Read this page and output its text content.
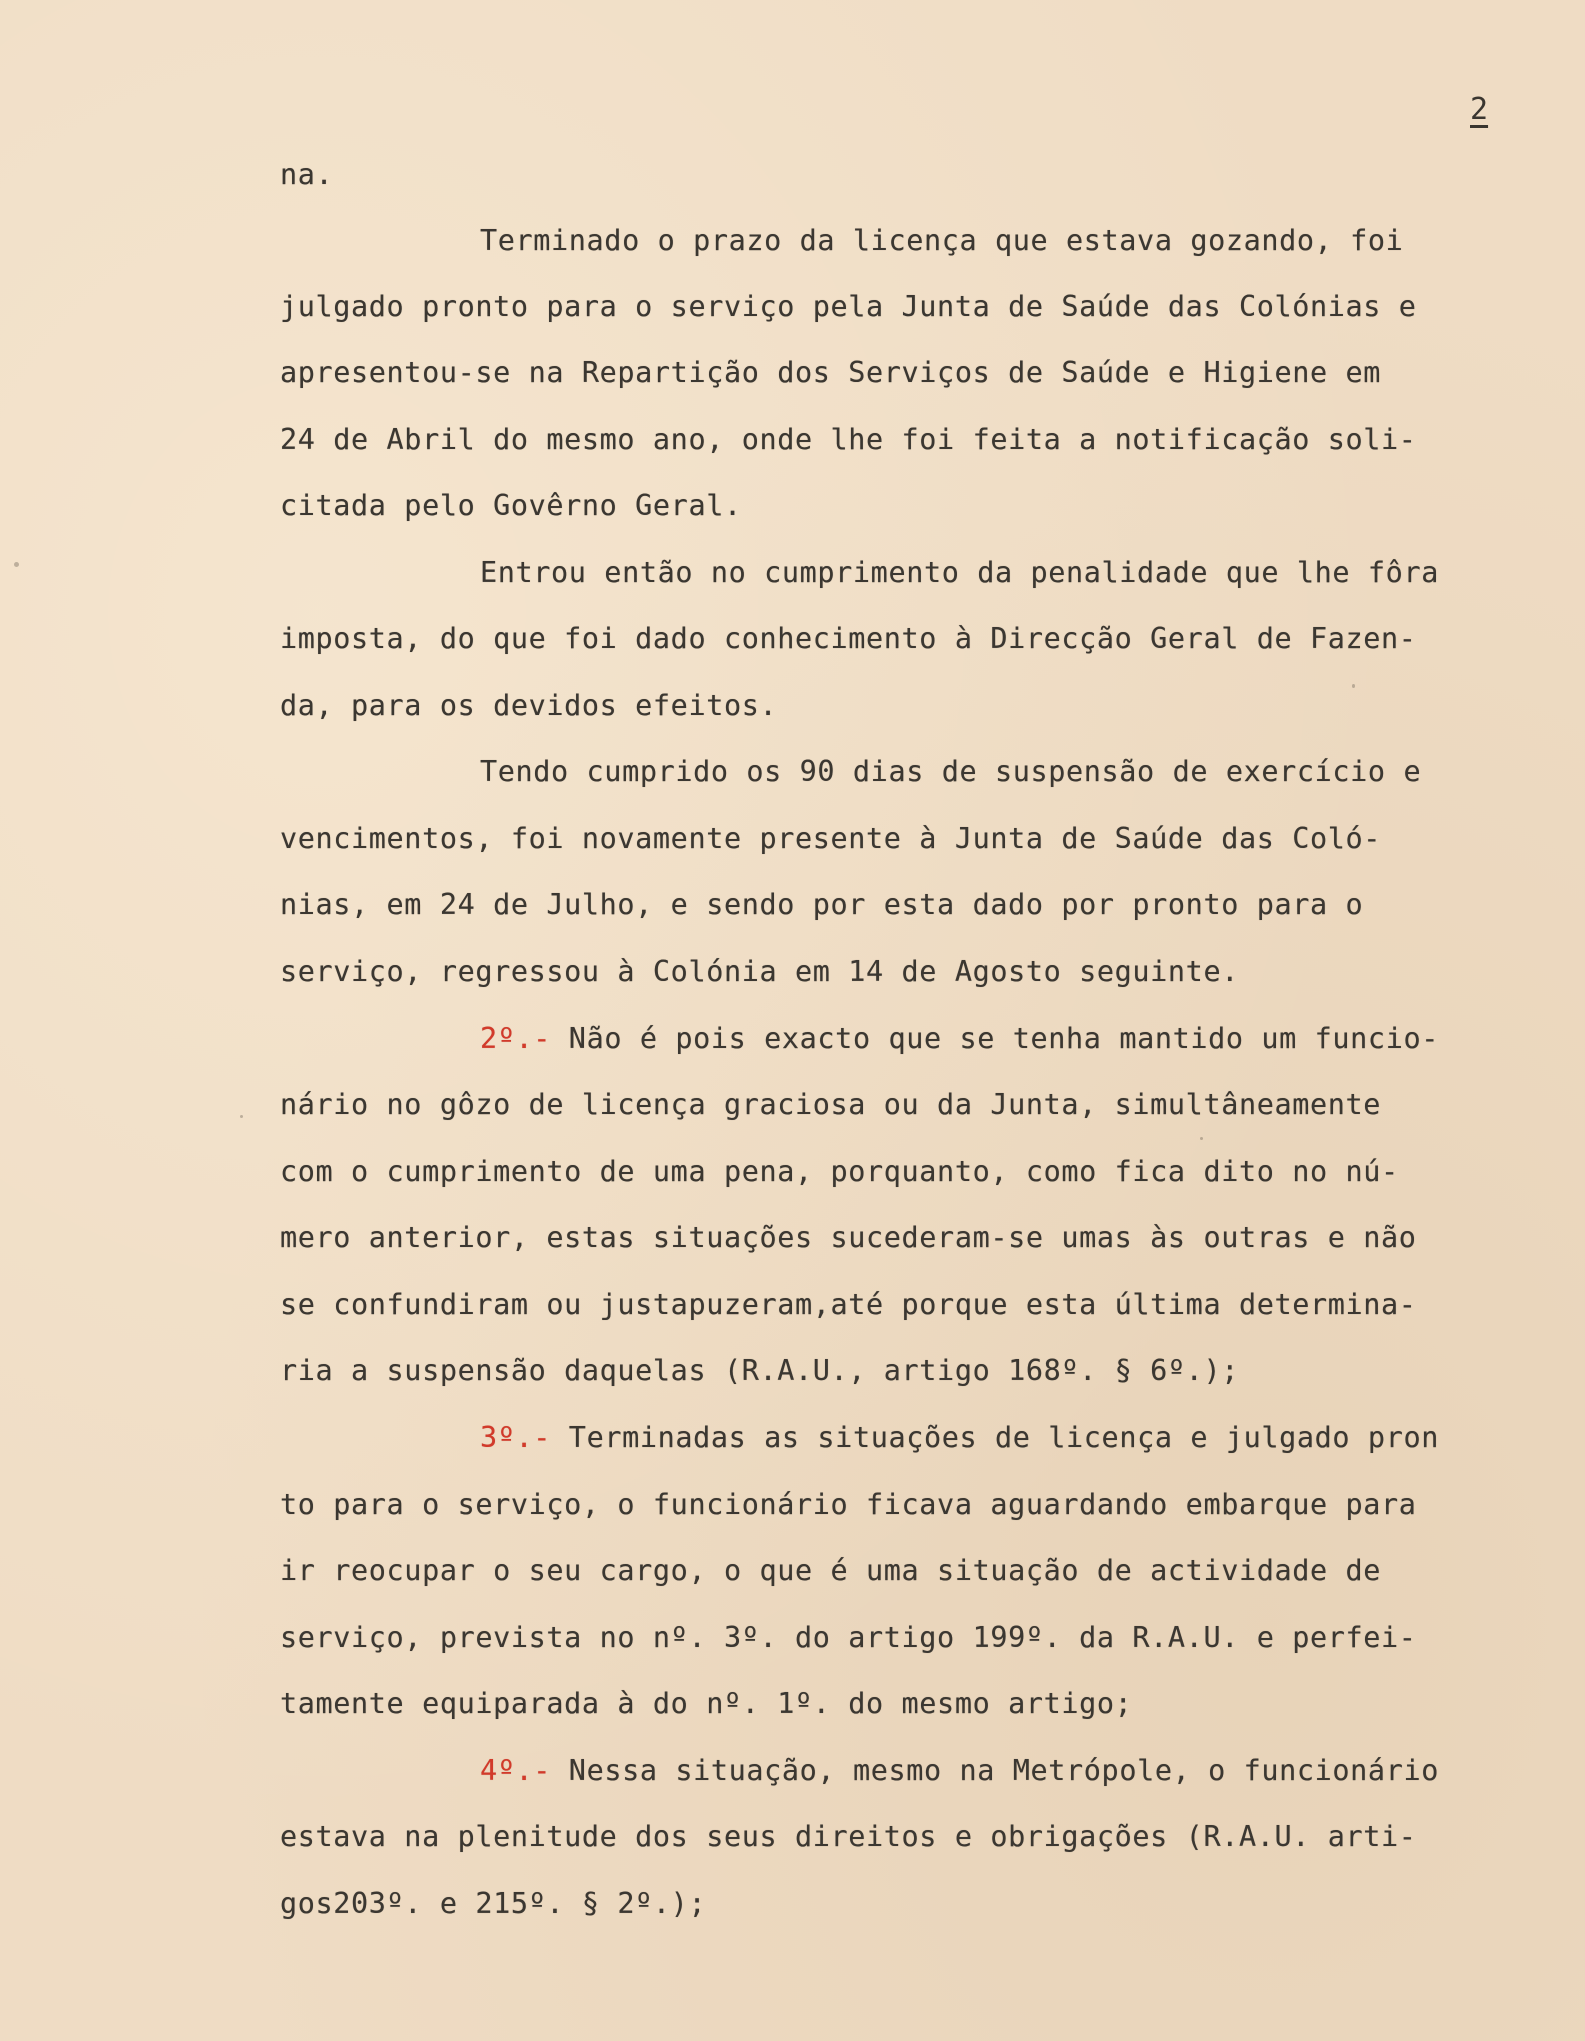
2
na.
Terminado o prazo da licença que estava gozando, foi
julgado pronto para o serviço pela Junta de Saúde das Colónias e
apresentou-se na Repartição dos Serviços de Saúde e Higiene em
24 de Abril do mesmo ano, onde lhe foi feita a notificação soli-
citada pelo Govêrno Geral.
Entrou então no cumprimento da penalidade que lhe fôra
imposta, do que foi dado conhecimento à Direcção Geral de Fazen-
da, para os devidos efeitos.
Tendo cumprido os 90 dias de suspensão de exercício e
vencimentos, foi novamente presente à Junta de Saúde das Coló-
nias, em 24 de Julho, e sendo por esta dado por pronto para o
serviço, regressou à Colónia em 14 de Agosto seguinte.
2º.- Não é pois exacto que se tenha mantido um funcio-
nário no gôzo de licença graciosa ou da Junta, simultâneamente
com o cumprimento de uma pena, porquanto, como fica dito no nú-
mero anterior, estas situações sucederam-se umas às outras e não
se confundiram ou justapuzeram,até porque esta última determina-
ria a suspensão daquelas (R.A.U., artigo 168º. § 6º.);
3º.- Terminadas as situações de licença e julgado pron
to para o serviço, o funcionário ficava aguardando embarque para
ir reocupar o seu cargo, o que é uma situação de actividade de
serviço, prevista no nº. 3º. do artigo 199º. da R.A.U. e perfei-
tamente equiparada à do nº. 1º. do mesmo artigo;
4º.- Nessa situação, mesmo na Metrópole, o funcionário
estava na plenitude dos seus direitos e obrigações (R.A.U. arti-
gos203º. e 215º. § 2º.);
